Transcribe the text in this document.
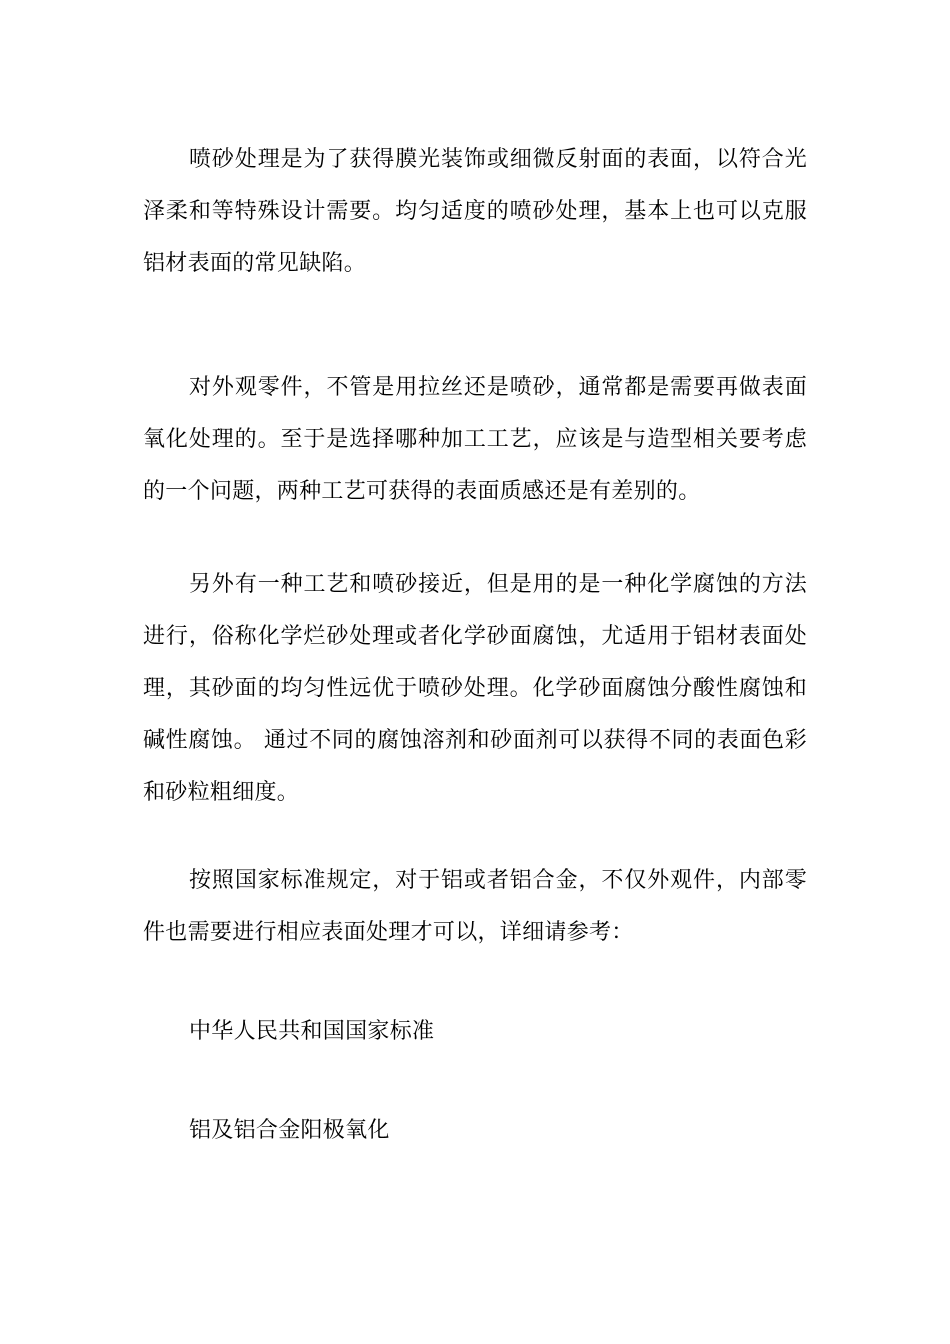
喷砂处理是为了获得膜光装饰或细微反射面的表面，以符合光泽柔和等特殊设计需要。均匀适度的喷砂处理，基本上也可以克服铝材表面的常见缺陷。

对外观零件，不管是用拉丝还是喷砂，通常都是需要再做表面氧化处理的。至于是选择哪种加工工艺，应该是与造型相关要考虑的一个问题，两种工艺可获得的表面质感还是有差别的。

另外有一种工艺和喷砂接近，但是用的是一种化学腐蚀的方法进行，俗称化学烂砂处理或者化学砂面腐蚀，尤适用于铝材表面处理，其砂面的均匀性远优于喷砂处理。化学砂面腐蚀分酸性腐蚀和碱性腐蚀。 通过不同的腐蚀溶剂和砂面剂可以获得不同的表面色彩和砂粒粗细度。

按照国家标准规定，对于铝或者铝合金，不仅外观件，内部零件也需要进行相应表面处理才可以，详细请参考：

中华人民共和国国家标准

铝及铝合金阳极氧化
